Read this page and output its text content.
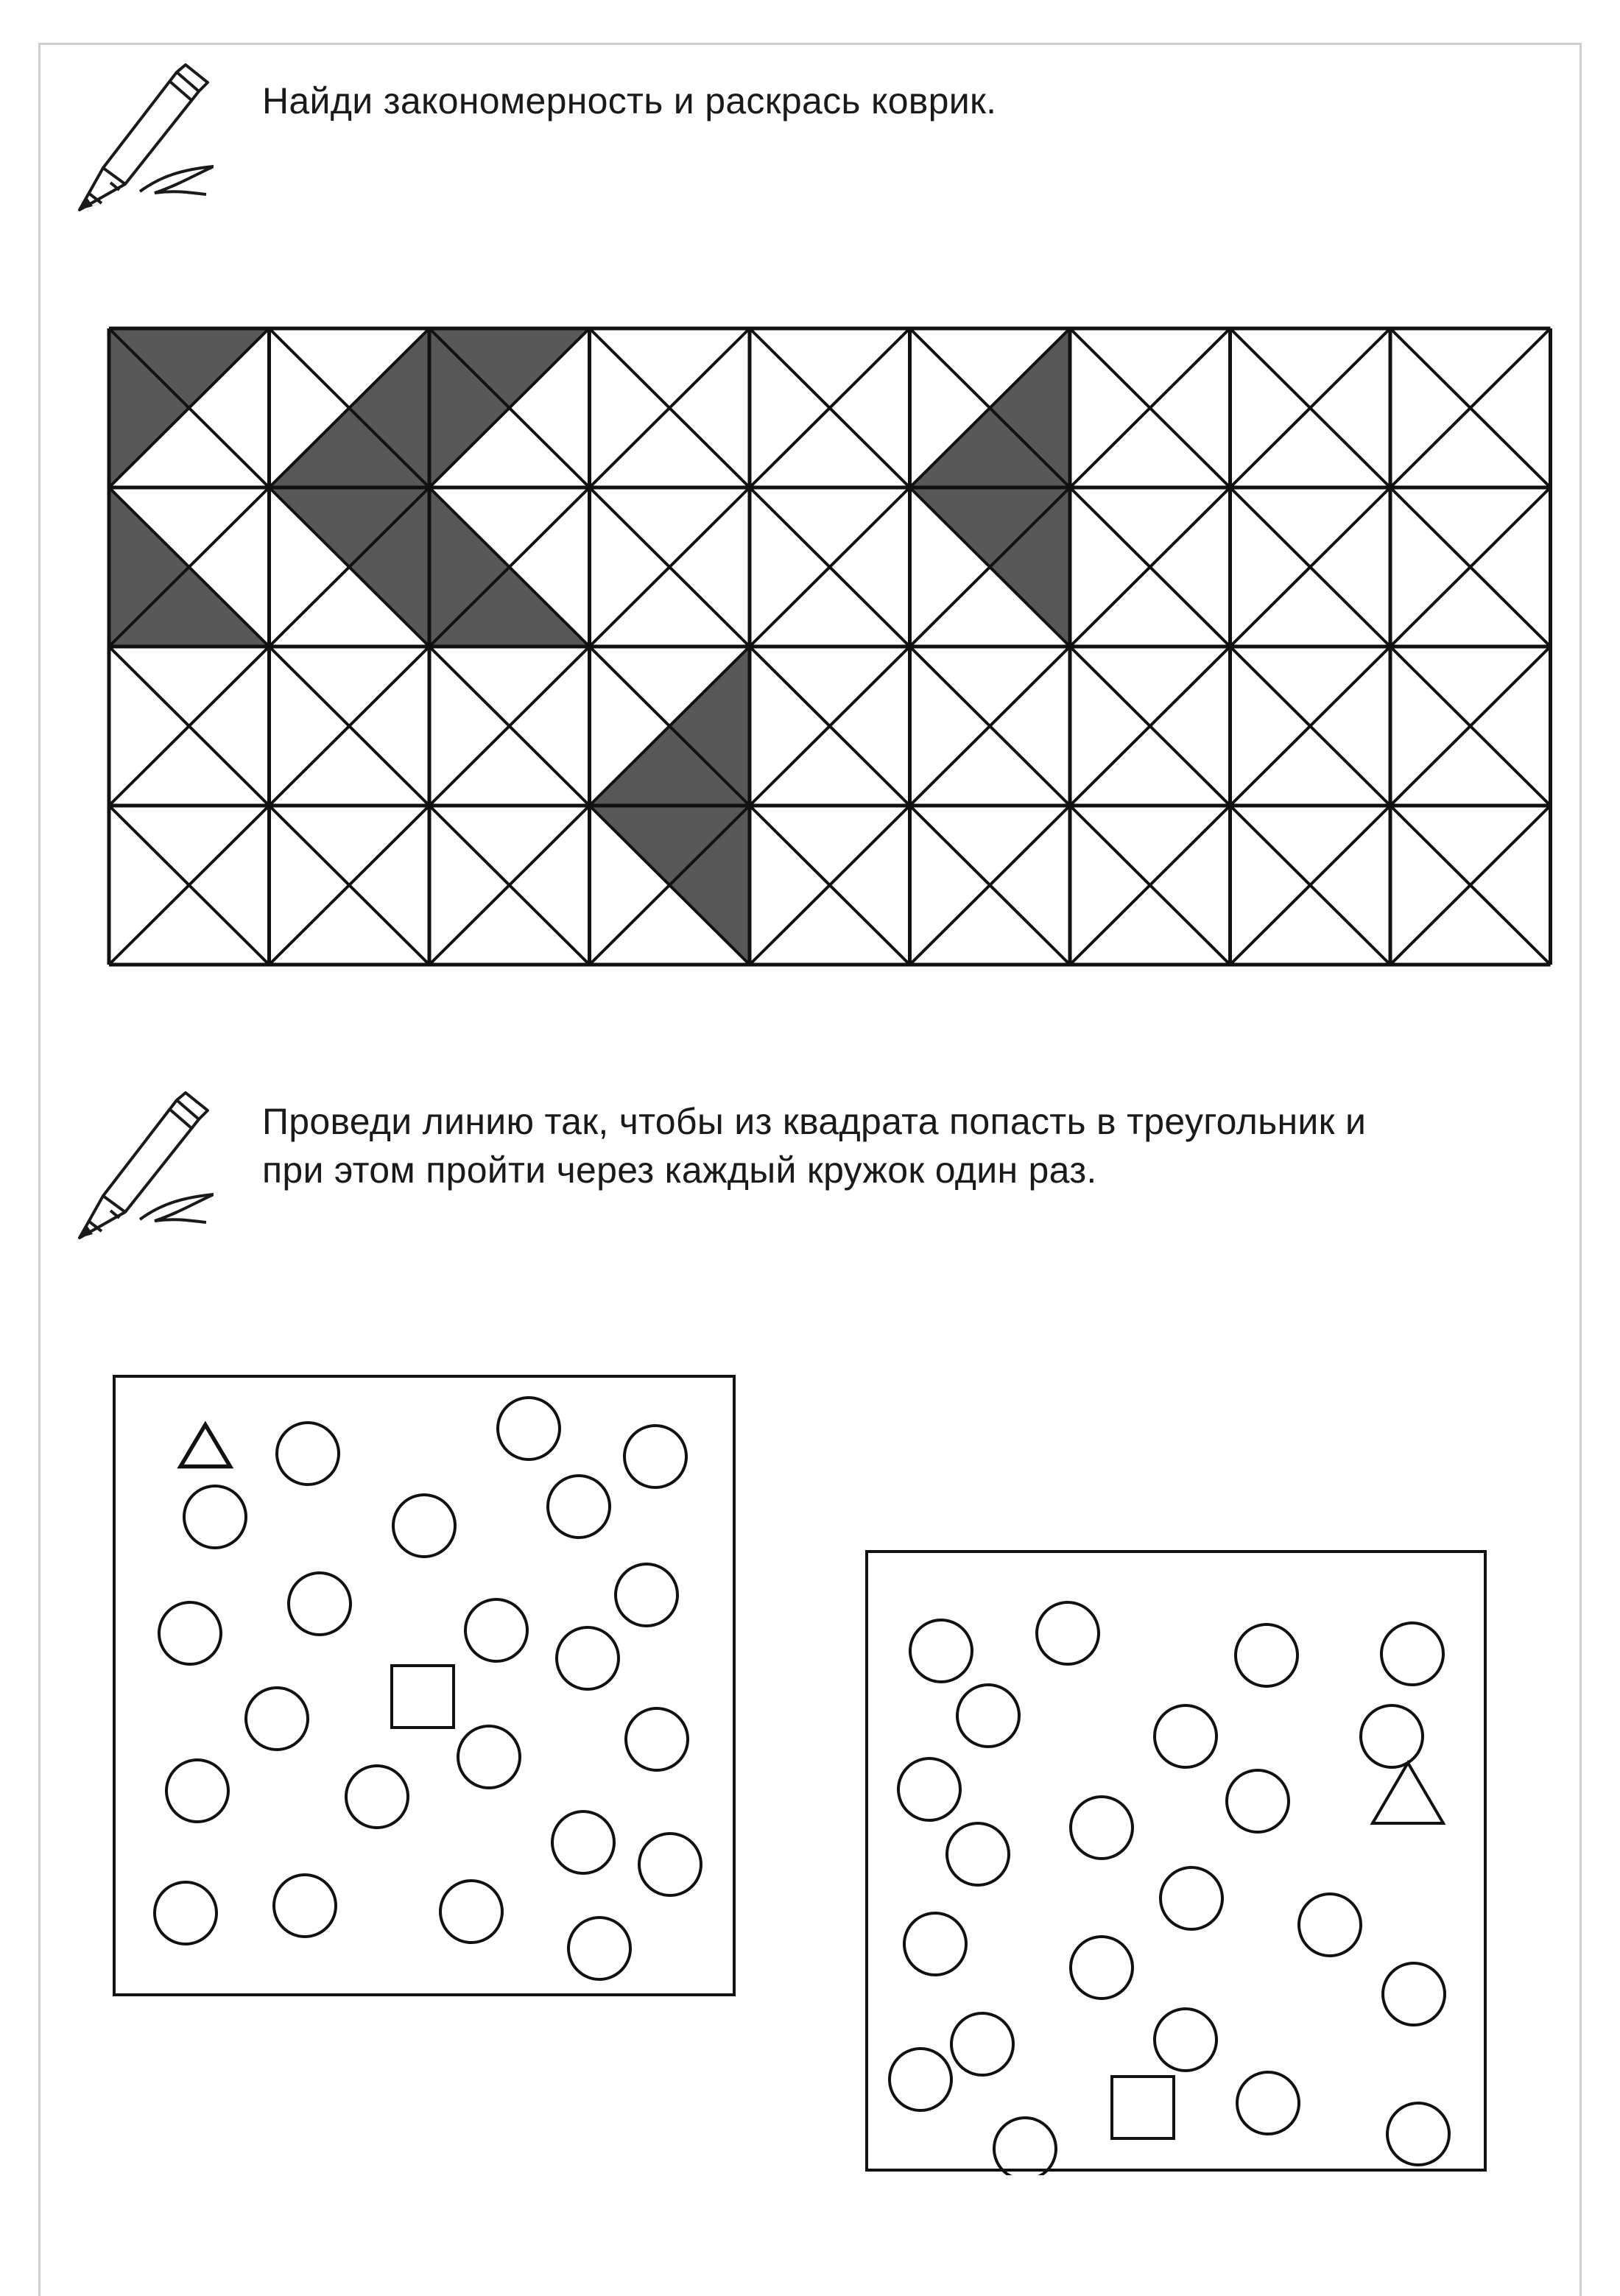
Найди закономерность и раскрась коврик.
Проведи линию так, чтобы из квадрата попасть в треугольник и
при этом пройти через каждый кружок один раз.
